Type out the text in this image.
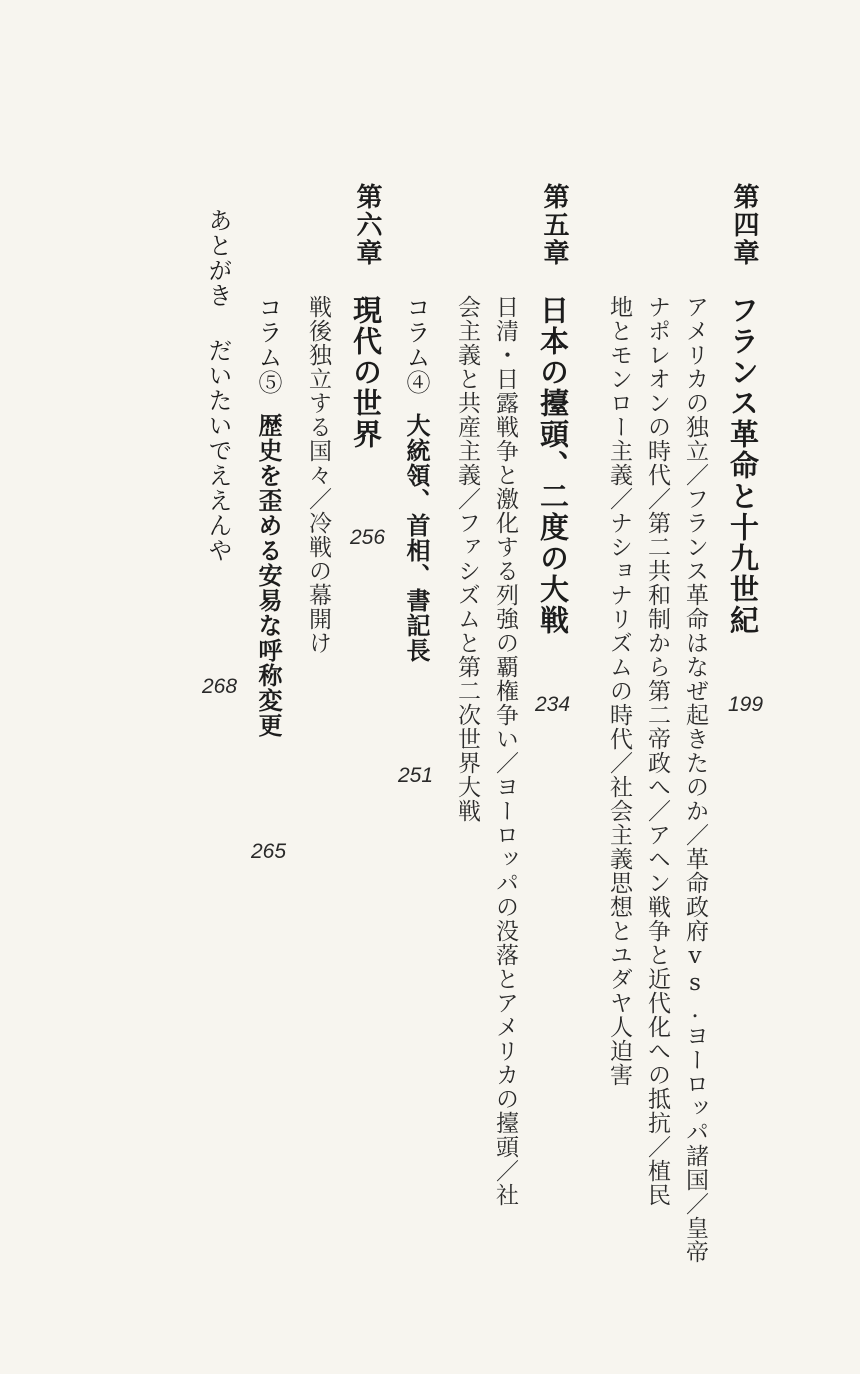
第四章
フランス革命と十九世紀
199
アメリカの独立／フランス革命はなぜ起きたのか／革命政府vs.ヨーロッパ諸国／皇帝
ナポレオンの時代／第二共和制から第二帝政へ／アヘン戦争と近代化への抵抗／植民
地とモンロー主義／ナショナリズムの時代／社会主義思想とユダヤ人迫害
第五章
日本の擡頭、二度の大戦
234
日清・日露戦争と激化する列強の覇権争い／ヨーロッパの没落とアメリカの擡頭／社
会主義と共産主義／ファシズムと第二次世界大戦
コラム④大統領、首相、書記長
251
第六章
現代の世界
256
戦後独立する国々／冷戦の幕開け
コラム⑤歴史を歪める安易な呼称変更
265
あとがきだいたいでええんや
268
